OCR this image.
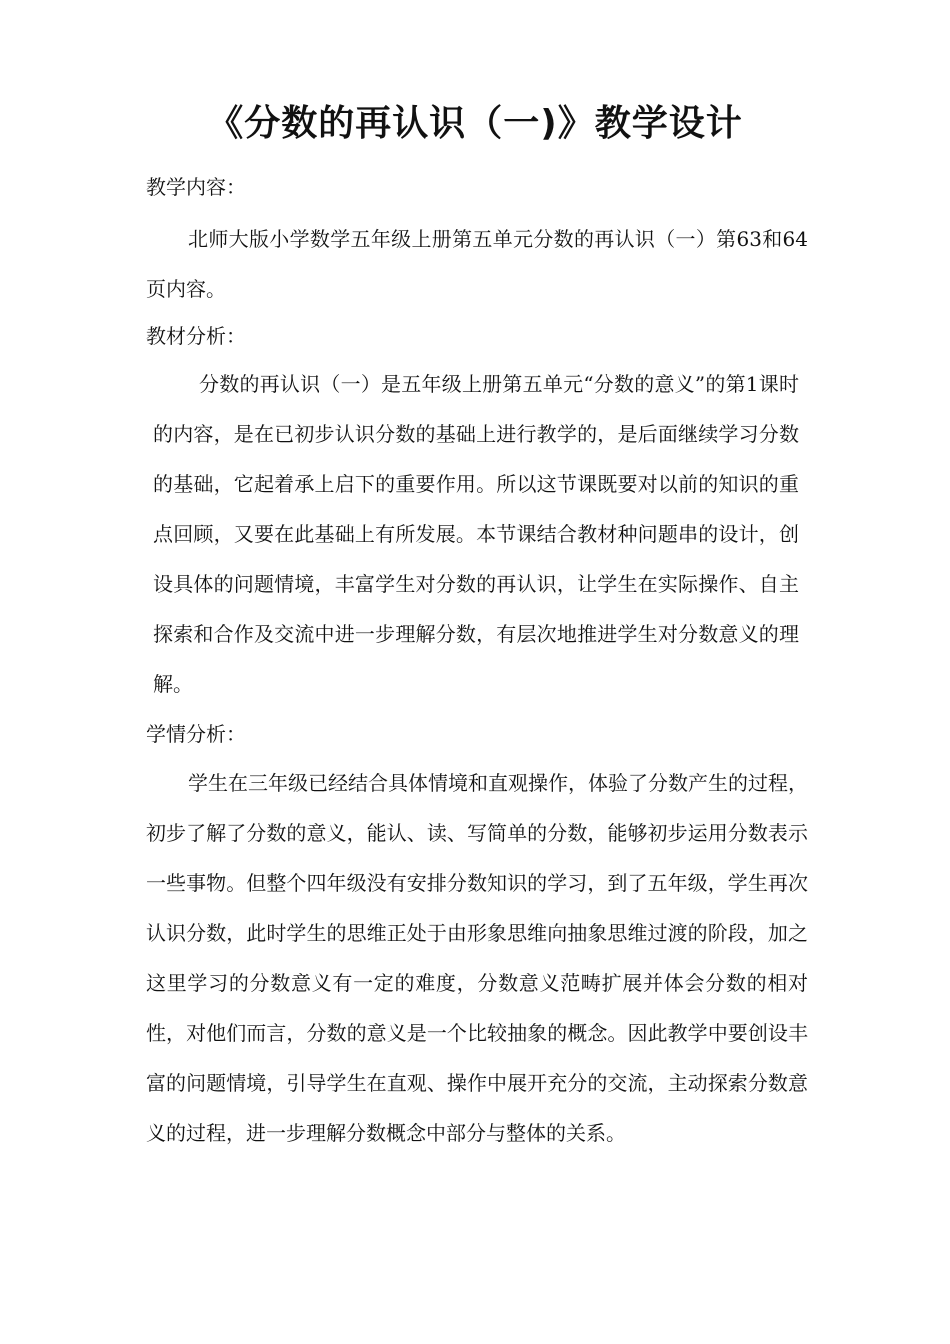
《分数的再认识（一)》教学设计
教学内容：

北师大版小学数学五年级上册第五单元分数的再认识（一）第63和64页内容。

教材分析：

分数的再认识（一）是五年级上册第五单元“分数的意义”的第1课时的内容，是在已初步认识分数的基础上进行教学的，是后面继续学习分数的基础，它起着承上启下的重要作用。所以这节课既要对以前的知识的重点回顾，又要在此基础上有所发展。本节课结合教材种问题串的设计，创设具体的问题情境，丰富学生对分数的再认识，让学生在实际操作、自主探索和合作及交流中进一步理解分数，有层次地推进学生对分数意义的理解。

学情分析：

学生在三年级已经结合具体情境和直观操作，体验了分数产生的过程，初步了解了分数的意义，能认、读、写简单的分数，能够初步运用分数表示一些事物。但整个四年级没有安排分数知识的学习，到了五年级，学生再次认识分数，此时学生的思维正处于由形象思维向抽象思维过渡的阶段，加之这里学习的分数意义有一定的难度，分数意义范畴扩展并体会分数的相对性，对他们而言，分数的意义是一个比较抽象的概念。因此教学中要创设丰富的问题情境，引导学生在直观、操作中展开充分的交流，主动探索分数意义的过程，进一步理解分数概念中部分与整体的关系。
